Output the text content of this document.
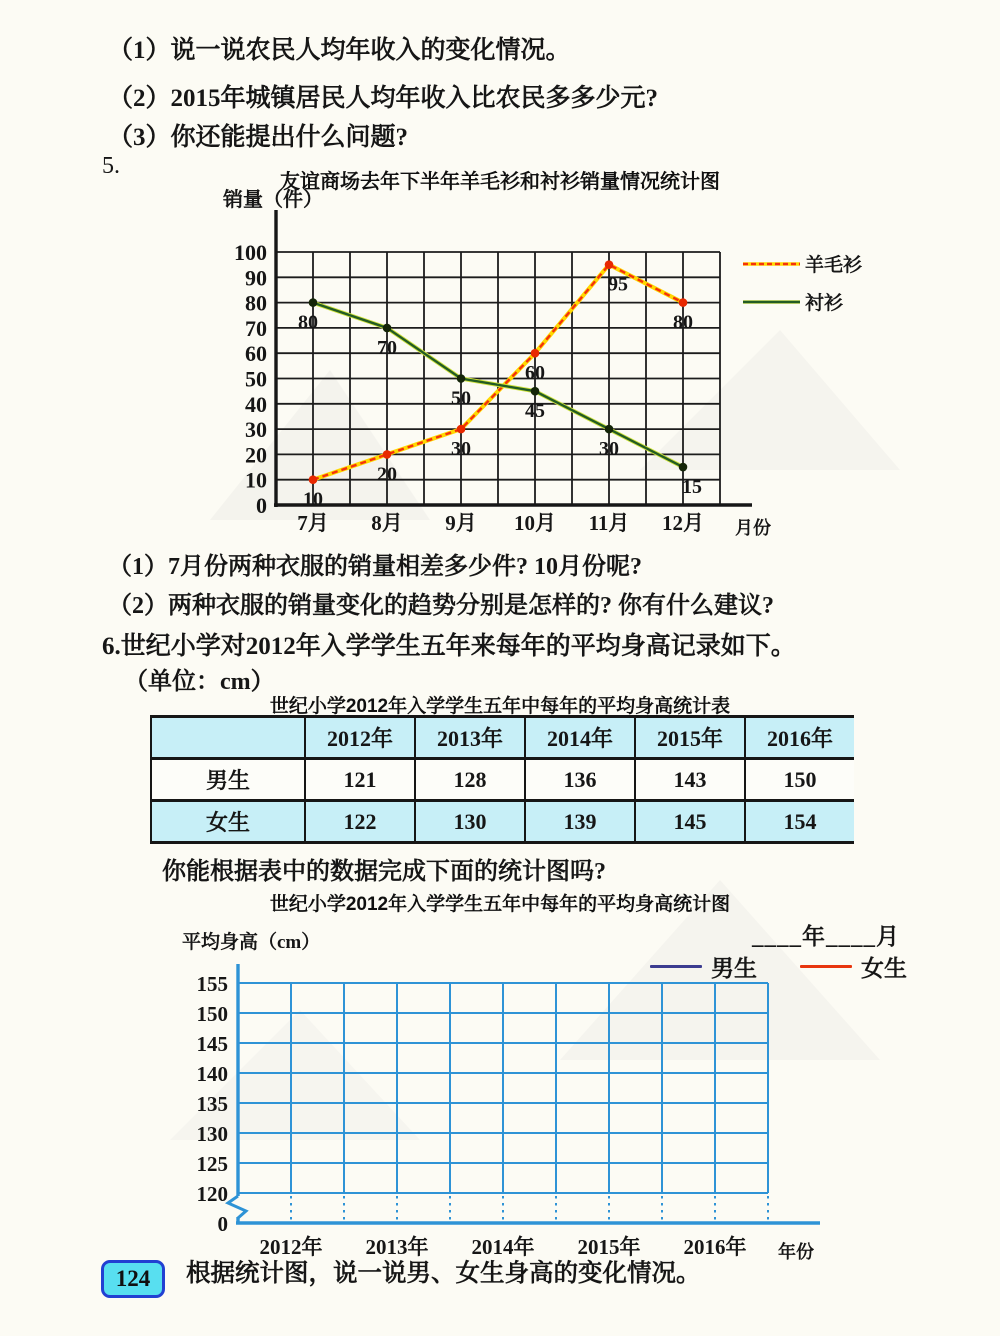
（1）说一说农民人均年收入的变化情况。
（2）2015年城镇居民人均年收入比农民多多少元?
（3）你还能提出什么问题?
5.
友谊商场去年下半年羊毛衫和衬衫销量情况统计图
0
10
20
30
40
50
60
70
80
90
100
7月 8月 9月 10月 11月 12月 月份
销量（件）
10
20
30
60
95
80
80
70
50
45
30
15
羊毛衫
衬衫
（1）7月份两种衣服的销量相差多少件? 10月份呢?
（2）两种衣服的销量变化的趋势分别是怎样的? 你有什么建议?
6.世纪小学对2012年入学学生五年来每年的平均身高记录如下。
（单位：cm）
世纪小学2012年入学学生五年中每年的平均身高统计表
	2012年	2013年	2014年	2015年	2016年
男生	121	128	136	143	150
女生	122	130	139	145	154
你能根据表中的数据完成下面的统计图吗?
世纪小学2012年入学学生五年中每年的平均身高统计图
____年____月
男生	女生
120
125
130
135
140
145
150
155
0
2012年 2013年 2014年 2015年 2016年 年份
平均身高（cm）
根据统计图，说一说男、女生身高的变化情况。
124
